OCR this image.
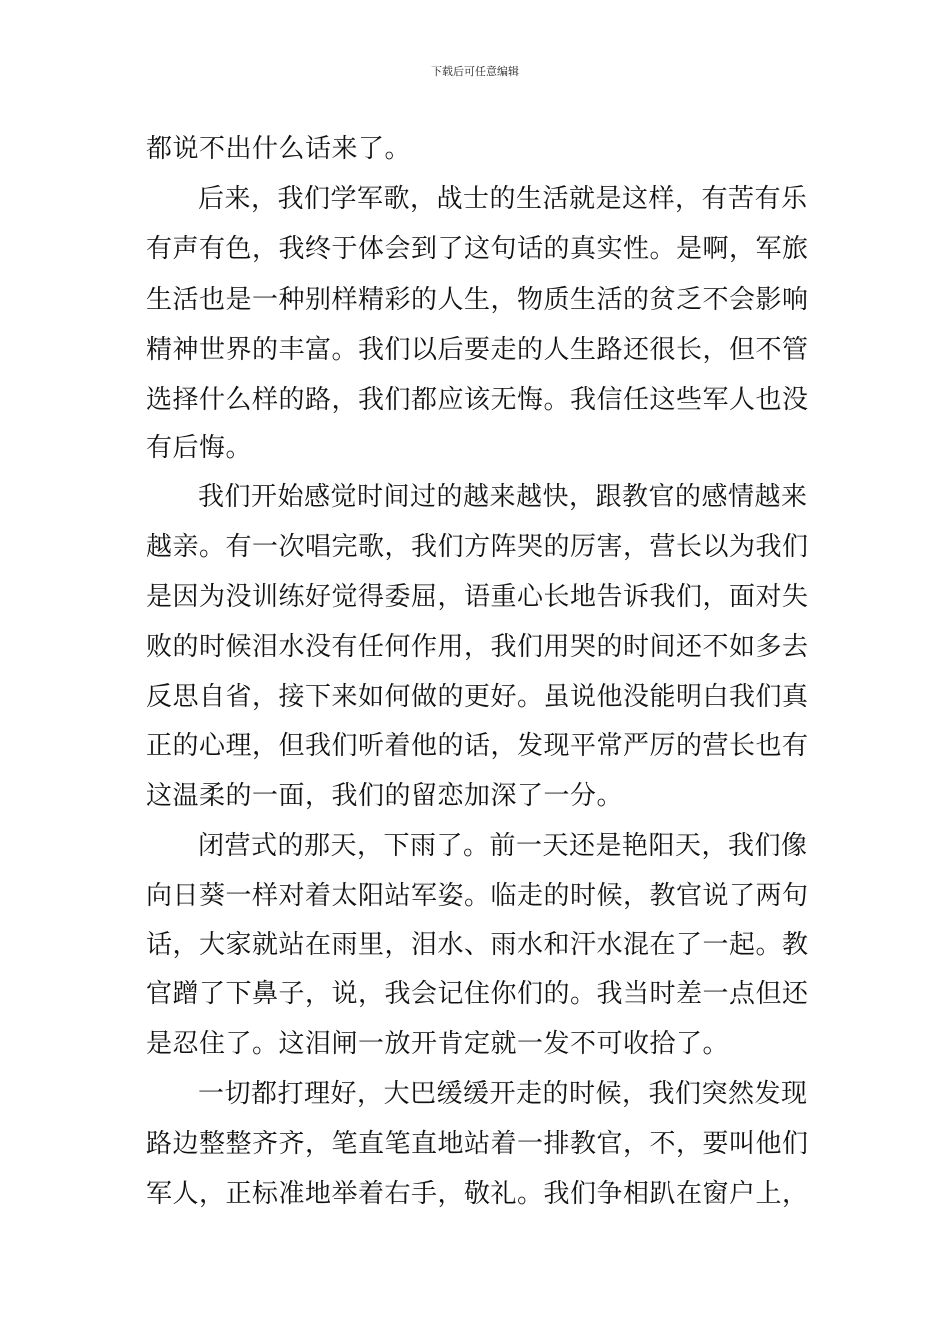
下载后可任意编辑
都说不出什么话来了。
后来，我们学军歌，战士的生活就是这样，有苦有乐
有声有色，我终于体会到了这句话的真实性。是啊，军旅
生活也是一种别样精彩的人生，物质生活的贫乏不会影响
精神世界的丰富。我们以后要走的人生路还很长，但不管
选择什么样的路，我们都应该无悔。我信任这些军人也没
有后悔。
我们开始感觉时间过的越来越快，跟教官的感情越来
越亲。有一次唱完歌，我们方阵哭的厉害，营长以为我们
是因为没训练好觉得委屈，语重心长地告诉我们，面对失
败的时候泪水没有任何作用，我们用哭的时间还不如多去
反思自省，接下来如何做的更好。虽说他没能明白我们真
正的心理，但我们听着他的话，发现平常严厉的营长也有
这温柔的一面，我们的留恋加深了一分。
闭营式的那天，下雨了。前一天还是艳阳天，我们像
向日葵一样对着太阳站军姿。临走的时候，教官说了两句
话，大家就站在雨里，泪水、雨水和汗水混在了一起。教
官蹭了下鼻子，说，我会记住你们的。我当时差一点但还
是忍住了。这泪闸一放开肯定就一发不可收拾了。
一切都打理好，大巴缓缓开走的时候，我们突然发现
路边整整齐齐，笔直笔直地站着一排教官，不，要叫他们
军人，正标准地举着右手，敬礼。我们争相趴在窗户上，
